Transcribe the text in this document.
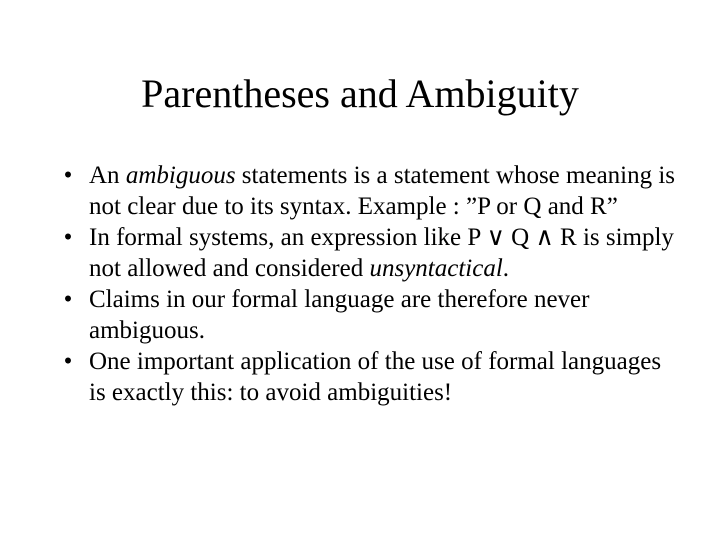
Parentheses and Ambiguity
• An ambiguous statements is a statement whose meaning is not clear due to its syntax. Example : ”P or Q and R”
• In formal systems, an expression like P ∨ Q ∧ R is simply not allowed and considered unsyntactical.
• Claims in our formal language are therefore never ambiguous.
• One important application of the use of formal languages is exactly this: to avoid ambiguities!
